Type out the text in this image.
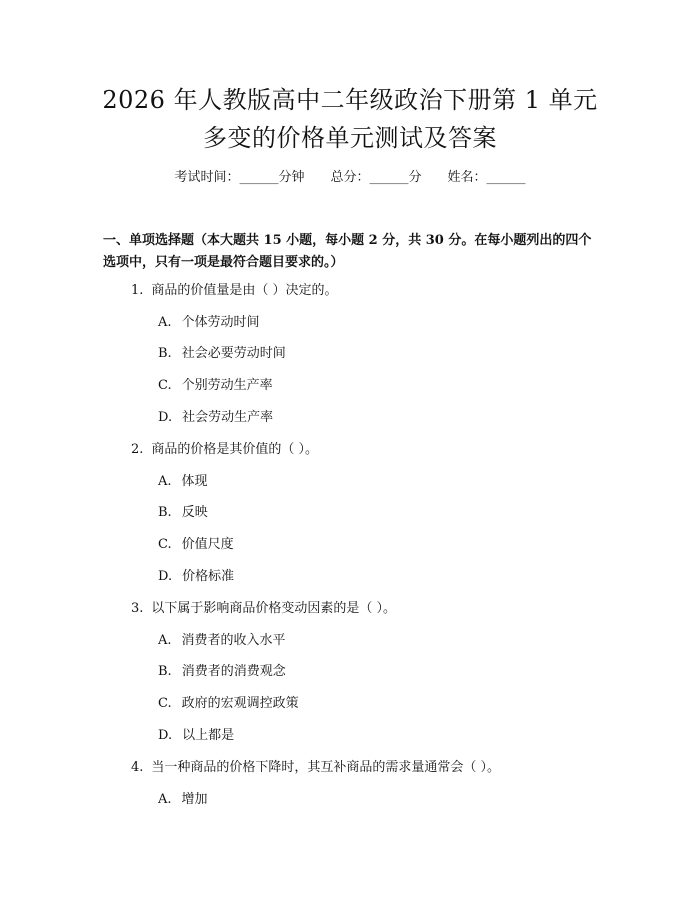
2026 年人教版高中二年级政治下册第 1 单元
多变的价格单元测试及答案
考试时间：______分钟 总分：______分 姓名：______
一、单项选择题（本大题共 15 小题，每小题 2 分，共 30 分。在每小题列出的四个选项中，只有一项是最符合题目要求的。）
1. 商品的价值量是由（ ）决定的。
A. 个体劳动时间
B. 社会必要劳动时间
C. 个别劳动生产率
D. 社会劳动生产率
2. 商品的价格是其价值的（ ）。
A. 体现
B. 反映
C. 价值尺度
D. 价格标准
3. 以下属于影响商品价格变动因素的是（ ）。
A. 消费者的收入水平
B. 消费者的消费观念
C. 政府的宏观调控政策
D. 以上都是
4. 当一种商品的价格下降时，其互补商品的需求量通常会（ ）。
A. 增加
